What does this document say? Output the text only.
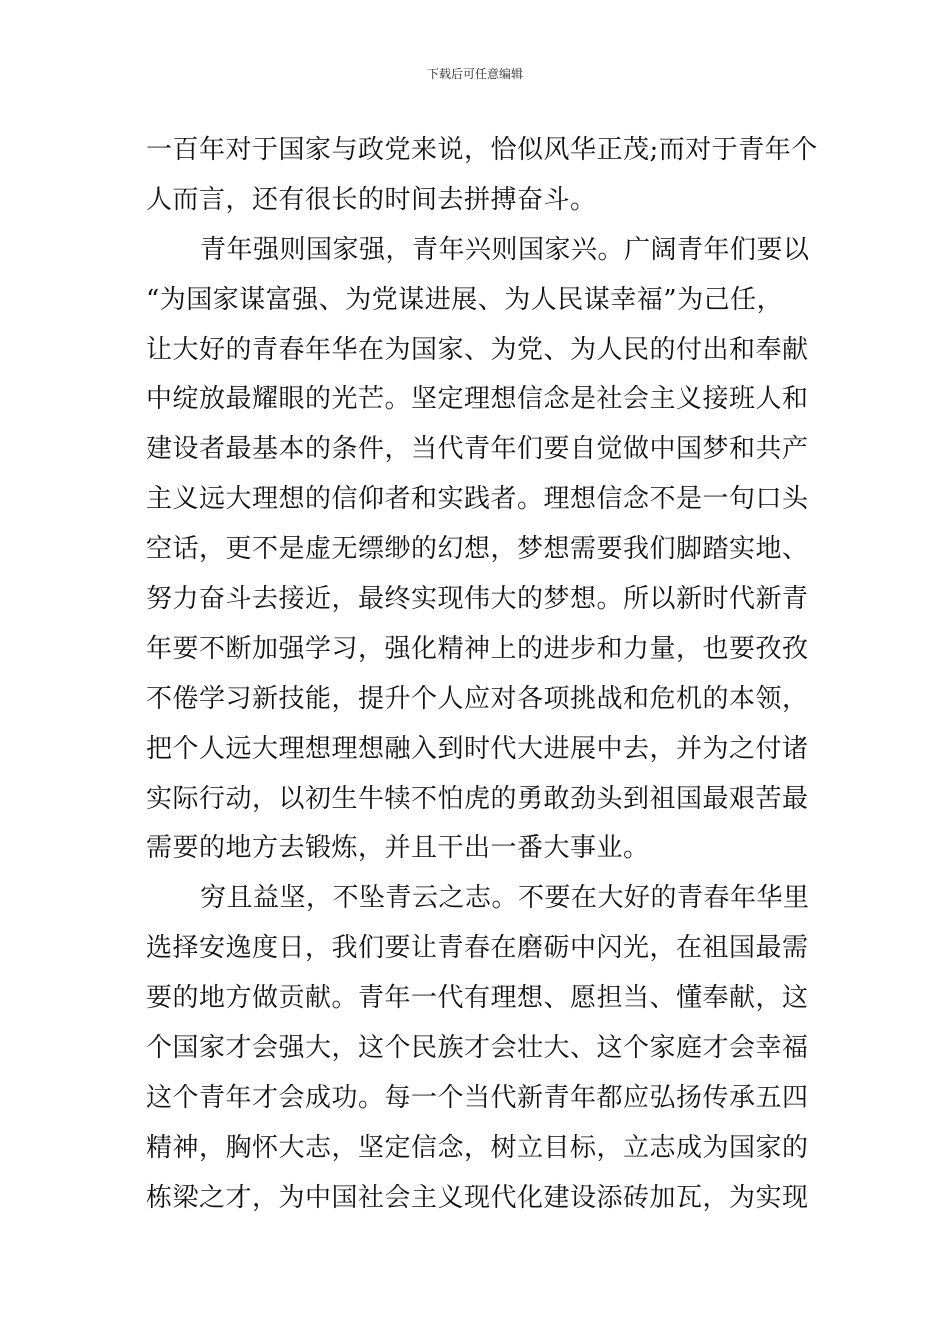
下载后可任意编辑
一百年对于国家与政党来说，恰似风华正茂;而对于青年个
人而言，还有很长的时间去拼搏奋斗。
青年强则国家强，青年兴则国家兴。广阔青年们要以
“为国家谋富强、为党谋进展、为人民谋幸福”为己任，
让大好的青春年华在为国家、为党、为人民的付出和奉献
中绽放最耀眼的光芒。坚定理想信念是社会主义接班人和
建设者最基本的条件，当代青年们要自觉做中国梦和共产
主义远大理想的信仰者和实践者。理想信念不是一句口头
空话，更不是虚无缥缈的幻想，梦想需要我们脚踏实地、
努力奋斗去接近，最终实现伟大的梦想。所以新时代新青
年要不断加强学习，强化精神上的进步和力量，也要孜孜
不倦学习新技能，提升个人应对各项挑战和危机的本领，
把个人远大理想理想融入到时代大进展中去，并为之付诸
实际行动，以初生牛犊不怕虎的勇敢劲头到祖国最艰苦最
需要的地方去锻炼，并且干出一番大事业。
穷且益坚，不坠青云之志。不要在大好的青春年华里
选择安逸度日，我们要让青春在磨砺中闪光，在祖国最需
要的地方做贡献。青年一代有理想、愿担当、懂奉献，这
个国家才会强大，这个民族才会壮大、这个家庭才会幸福
这个青年才会成功。每一个当代新青年都应弘扬传承五四
精神，胸怀大志，坚定信念，树立目标，立志成为国家的
栋梁之才，为中国社会主义现代化建设添砖加瓦，为实现
